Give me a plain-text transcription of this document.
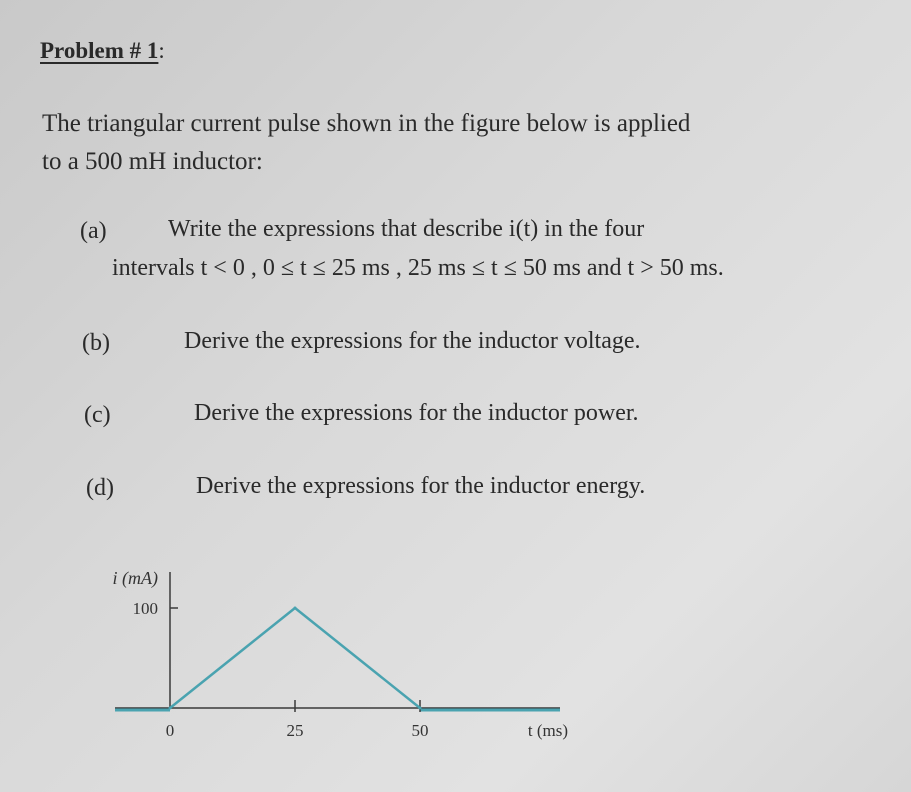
Problem # 1:
The triangular current pulse shown in the figure below is applied
to a 500 mH inductor:
(a)	Write the expressions that describe i(t) in the four
intervals t < 0 , 0 ≤ t ≤ 25 ms , 25 ms ≤ t ≤ 50 ms and t > 50 ms.
(b)	Derive the expressions for the inductor voltage.
(c)	Derive the expressions for the inductor power.
(d)	Derive the expressions for the inductor energy.
100
i (mA)
0	25	50	t (ms)
